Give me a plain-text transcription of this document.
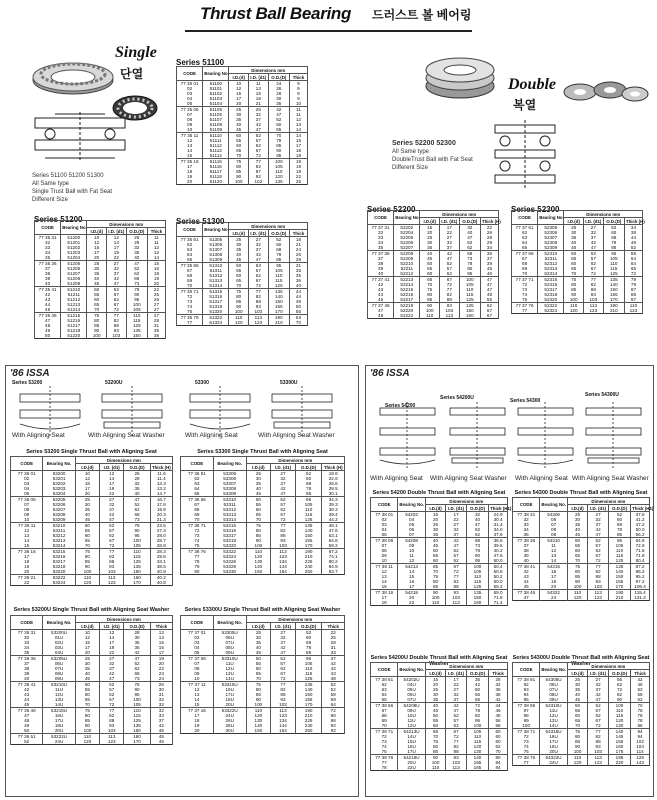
Thrust Ball Bearing 드러스트 볼 베어링
Single
단열
Series 51100 51200 51300
All Same type
Single Trust Ball with Fat Seat
Different Size
Double
복열
Series 52200 52300
All Same type
DoubleTrust Ball with Fat Seat
Different Size
Series 51100
CODE	Bearing No.	Dimensions mm			
		I.D.(d)	I.D. (d1)	O.D.(D)	Thick
77 35 01	51100	10	11	24	9
02	51101	12	13	26	9
03	51102	15	16	28	9
04	51103	17	18	30	9
05	51104	20	21	35	10
77 35 06	51105	25	26	42	11
07	51106	30	32	47	11
08	51107	35	37	52	12
09	51108	40	42	60	13
10	51109	45	47	65	14
77 35 11	51110	50	52	70	14
12	51111	55	57	78	16
13	51112	60	62	85	17
14	51113	65	67	90	18
15	51114	70	72	95	18
77 35 16	51115	75	77	100	19
17	51116	80	82	105	19
18	51117	85	87	110	19
19	51118	90	92	120	22
20	51120	100	102	135	25
Series 51200
CODE	Bearing No.	Dimensions mm			
		I.D.(d)	I.D. (d1)	O.D.(D)	Thick
77 35 31	51200	10	12	26	11
32	51201	12	14	28	11
33	51202	15	17	32	12
34	51203	17	19	35	12
35	51204	20	22	40	14
77 35 36	51205	25	27	47	15
37	51206	30	32	52	16
38	51207	35	37	62	18
39	51208	40	42	68	19
40	51209	45	47	73	20
77 35 41	51210	50	52	78	22
42	51211	55	57	90	25
43	51212	60	62	95	26
44	51213	65	67	100	27
45	51214	70	72	105	27
77 35 46	51215	75	77	110	27
47	51216	80	82	115	28
48	51217	85	88	125	31
49	51218	90	93	135	35
50	51220	100	103	150	38
Series 51300
CODE	Bearing No.	Dimensions mm			
		I.D.(d)	I.D. (d1)	O.D.(D)	Thick
77 35 61	51305	25	27	52	18
62	51306	30	32	60	21
63	51307	35	37	68	24
64	51308	40	42	78	26
65	51309	45	47	85	28
77 35 66	51310	50	53	95	31
67	51311	55	57	105	35
68	51312	60	62	110	35
69	51313	65	67	115	36
70	51314	70	72	125	40
77 35 71	51315	75	77	135	44
72	51316	80	82	140	44
73	51317	85	88	150	49
74	51318	90	93	155	50
75	51320	100	103	170	55
77 35 76	51322	110	113	190	63
77	51324	120	123	210	70
Series 52200
CODE	Bearing No.	Dimensions mm			
		I.D.(d)	I.D. (d1)	O.D.(D)	Thick (H)
77 37 31	52202	15	17	32	22
32	52204	20	22	40	26
33	52205	25	27	47	28
34	52206	30	32	52	29
35	52207	35	37	62	34
77 37 36	52208	40	42	68	36
37	52209	45	47	73	37
38	52210	50	52	78	39
39	52211	55	57	90	45
40	52212	60	62	95	46
77 37 41	52213	65	67	100	47
42	52214	70	72	105	47
43	52215	75	77	110	47
44	52216	80	82	115	48
45	52217	85	88	125	55
77 37 46	52218	90	93	135	62
47	52220	100	103	150	67
48	52222	110	113	160	67
Series 52300
CODE	Bearing No.	Dimensions mm			
		I.D.(d)	I.D. (d1)	O.D.(D)	Thick (H)
77 37 61	52305	25	27	52	34
62	52306	30	32	60	38
63	52307	35	37	68	44
64	52308	40	42	78	49
65	52309	45	47	85	52
77 37 66	52310	50	52	95	58
67	52311	55	57	105	64
68	52312	60	62	110	64
69	52313	65	67	115	65
70	52314	70	72	125	72
77 37 71	52315	75	77	135	79
72	52316	80	82	140	79
73	52317	85	88	150	87
74	52318	90	93	155	88
75	52320	100	103	170	97
77 37 76	52322	110	113	190	110
77	52324	120	123	210	123
Series 53200 Single Thrust Ball with Aligning Seat
CODE	Bearing No.	Dimensions mm			
		I.D.(d)	I.D. (d1)	O.D.(D)	Thick (H)
77 36 01	53200	10	12	26	11.6
02	53201	12	14	28	11.4
03	53202	15	17	32	13.3
04	53203	17	19	35	13.2
05	53204	20	22	40	14.7
77 36 06	53205	25	27	47	16.7
07	53206	30	32	52	17.8
08	53207	35	37	62	19.9
09	53208	40	42	68	20.3
10	53209	45	47	73	21.3
77 36 11	53210	50	52	78	23.5
12	53211	55	57	90	27.3
13	53212	60	62	95	28.0
14	53213	65	67	100	28.7
15	53214	70	72	105	28.8
77 36 16	53215	75	77	110	28.3
17	53216	80	82	115	29.5
18	53217	85	88	125	33.1
19	53218	90	93	135	38.5
20	53220	100	103	150	40.9
77 36 21	53222	110	113	160	40.2
22	53224	120	123	170	40.8
Series 53300 Single Thrust Ball with Aligning Seat
CODE	Bearing No.	Dimensions mm			
		I.D.(d)	I.D. (d1)	O.D.(D)	Thick (H)
77 36 61	53305	25	27	52	19.8
62	53306	30	32	60	22.6
63	53307	35	37	68	25.6
64	53308	40	42	78	28.5
65	53309	45	47	85	30.1
77 36 66	53310	50	52	95	34.3
67	53311	55	57	105	39.3
68	53312	60	62	110	38.3
69	53313	65	67	115	39.4
70	53314	70	72	125	44.2
77 36 71	53315	75	77	135	48.1
72	53316	80	82	140	47.6
73	53317	85	88	150	53.1
74	53318	90	93	155	54.6
75	53320	100	103	170	59.2
77 36 76	53322	110	113	190	67.2
77	53324	120	123	210	74.1
78	53326	130	134	225	80.2
79	53328	140	144	240	84.9
80	53330	150	154	250	83.7
Series 53200U Single Thrust Ball with Aligning Seat Washer
CODE	Bearing No.	Dimensions mm			
		I.D.(d)	I.D. (d1)	O.D.(D)	Thick
77 36 31	53200U	10	12	28	13
32	01U	12	14	30	13
33	02U	15	17	35	15
34	03U	17	19	35	15
35	04U	20	22	42	17
77 36 36	53205U	25	27	47	19
37	06U	30	32	52	20
38	07U	35	37	62	22
39	08U	40	42	68	23
40	09U	45	47	73	24
77 36 41	53210U	50	52	78	26
42	11U	55	57	90	30
43	12U	60	62	95	31
44	13U	65	67	100	32
45	14U	70	72	105	32
77 36 46	53215U	75	77	110	32
47	16U	80	82	115	33
48	17U	85	88	125	37
49	18U	90	93	135	42
50	20U	100	103	150	45
77 36 51	53222U	110	113	160	45
52	24U	120	123	170	46
Series 53300U Single Thrust Ball with Aligning Seat Washer
CODE	Bearing No.	Dimensions mm			
		I.D.(d)	I.D. (d1)	O.D.(D)	Thick
77 37 01	53305U	25	27	52	22
02	06U	30	32	60	25
03	07U	35	37	68	28
04	08U	40	42	78	31
05	09U	45	47	85	33
77 37 06	53310U	50	52	95	37
07	11U	55	57	105	42
08	12U	60	62	110	42
09	13U	65	67	115	43
10	14U	70	72	125	48
77 37 11	53315U	75	77	135	52
12	16U	80	82	140	52
13	17U	85	88	150	58
14	18U	90	93	155	59
15	20U	100	103	170	64
77 37 16	53322U	110	113	190	72
17	24U	120	123	210	80
18	26U	130	134	225	86
19	28U	140	144	240	92
20	30U	150	154	250	92
Series 54200 Double Thrust Ball with Aligning Seat
CODE	Bearing No.	Dimensions mm			
		I.D.(d)	I.D. (d1)	O.D.(D)	Thick (H1)
77 38 01	54202	15	17	32	24.9
02	04	20	22	40	30.4
03	05	25	27	47	31.4
04	06	30	32	52	34.0
05	07	35	37	62	37.6
77 38 06	54208	40	42	68	38.6
07	09	45	47	73	39.6
08	10	50	52	78	40.2
09	11	55	57	90	47.6
10	12	60	62	95	50.0
77 38 11	54213	65	67	100	50.4
12	14	70	72	105	50.6
13	15	75	77	110	50.2
14	16	80	82	115	50.0
15	17	85	88	125	59.2
77 38 16	54218	90	93	135	69.0
17	20	100	103	150	71.8
18	22	110	113	160	71.4
Series 54300 Double Thrust Ball with Aligning Seat
CODE	Bearing No.	Dimensions mm			
		I.D.(d)	I.D. (d1)	O.D.(D)	Thick (H1)
77 38 31	54306	25	27	52	37.6
32	06	30	32	60	41.2
33	07	35	37	68	47.2
34	08	40	42	78	50.0
35	09	45	47	85	56.2
77 38 36	54310	50	52	95	64.6
37	11	55	57	105	72.6
38	12	60	62	110	71.6
39	13	65	67	115	71.8
40	14	70	72	125	80.4
77 38 41	54315	75	77	135	87.2
42	16	80	82	140	86.2
43	17	85	88	150	95.2
44	18	90	93	155	97.2
45	20	100	103	170	106.4
77 38 46	54322	110	113	190	118.4
47	24	120	123	210	131.2
Series 54200U Double Thrust Ball with Aligning Seat Washer
CODE	Bearing No.	Dimensions mm			
		I.D.(d)	I.D. (d1)	O.D.(D)	Thick
77 38 61	54202U	15	17	35	28
62	04U	20	22	42	32
63	05U	25	27	50	36
64	06U	30	32	55	38
65	07U	35	37	65	42
77 38 66	54208U	40	42	72	44
67	09U	45	47	78	46
68	10U	50	52	82	48
69	11U	55	57	95	56
70	12U	60	62	100	58
77 38 71	54213U	65	67	105	60
72	14U	70	72	110	60
73	15U	75	77	115	60
74	16U	80	82	120	62
75	17U	85	88	130	70
77 38 76	54218U	90	93	140	80
77	20U	100	103	155	84
78	22U	110	113	165	84
Series 54300U Double Thrust Ball with Aligning Seat Washer
CODE	Bearing No.	Dimensions mm			
		I.D.(d)	I.D. (d1)	O.D.(D)	Thick
77 38 91	54305U	25	27	55	42
92	06U	30	32	62	46
93	07U	35	37	72	52
94	08U	40	42	82	58
95	09U	45	47	90	62
77 38 96	54310U	50	52	100	70
97	11U	55	57	110	78
98	12U	60	62	115	78
99	13U	65	67	120	78
100	14U	70	72	130	86
77 38 71	54315U	75	77	140	94
72	16U	80	82	145	94
73	17U	85	88	155	102
74	18U	90	93	160	104
75	20U	100	103	175	114
77 38 76	54322U	110	113	195	128
77	24U	120	123	220	143
'86 ISSA	'86 ISSA
Series 53200	53200U	53300	53300U
With Aligning Seat	With Aligning Seat Washer	With Aligning Seat	With Aligning Seat Washer
Series 54200
Series 54200U	Series 54300
Series 54300U
With Aligning Seat With Aligning Seat Washer With Aligning Seat With Aligning Seat Washer
